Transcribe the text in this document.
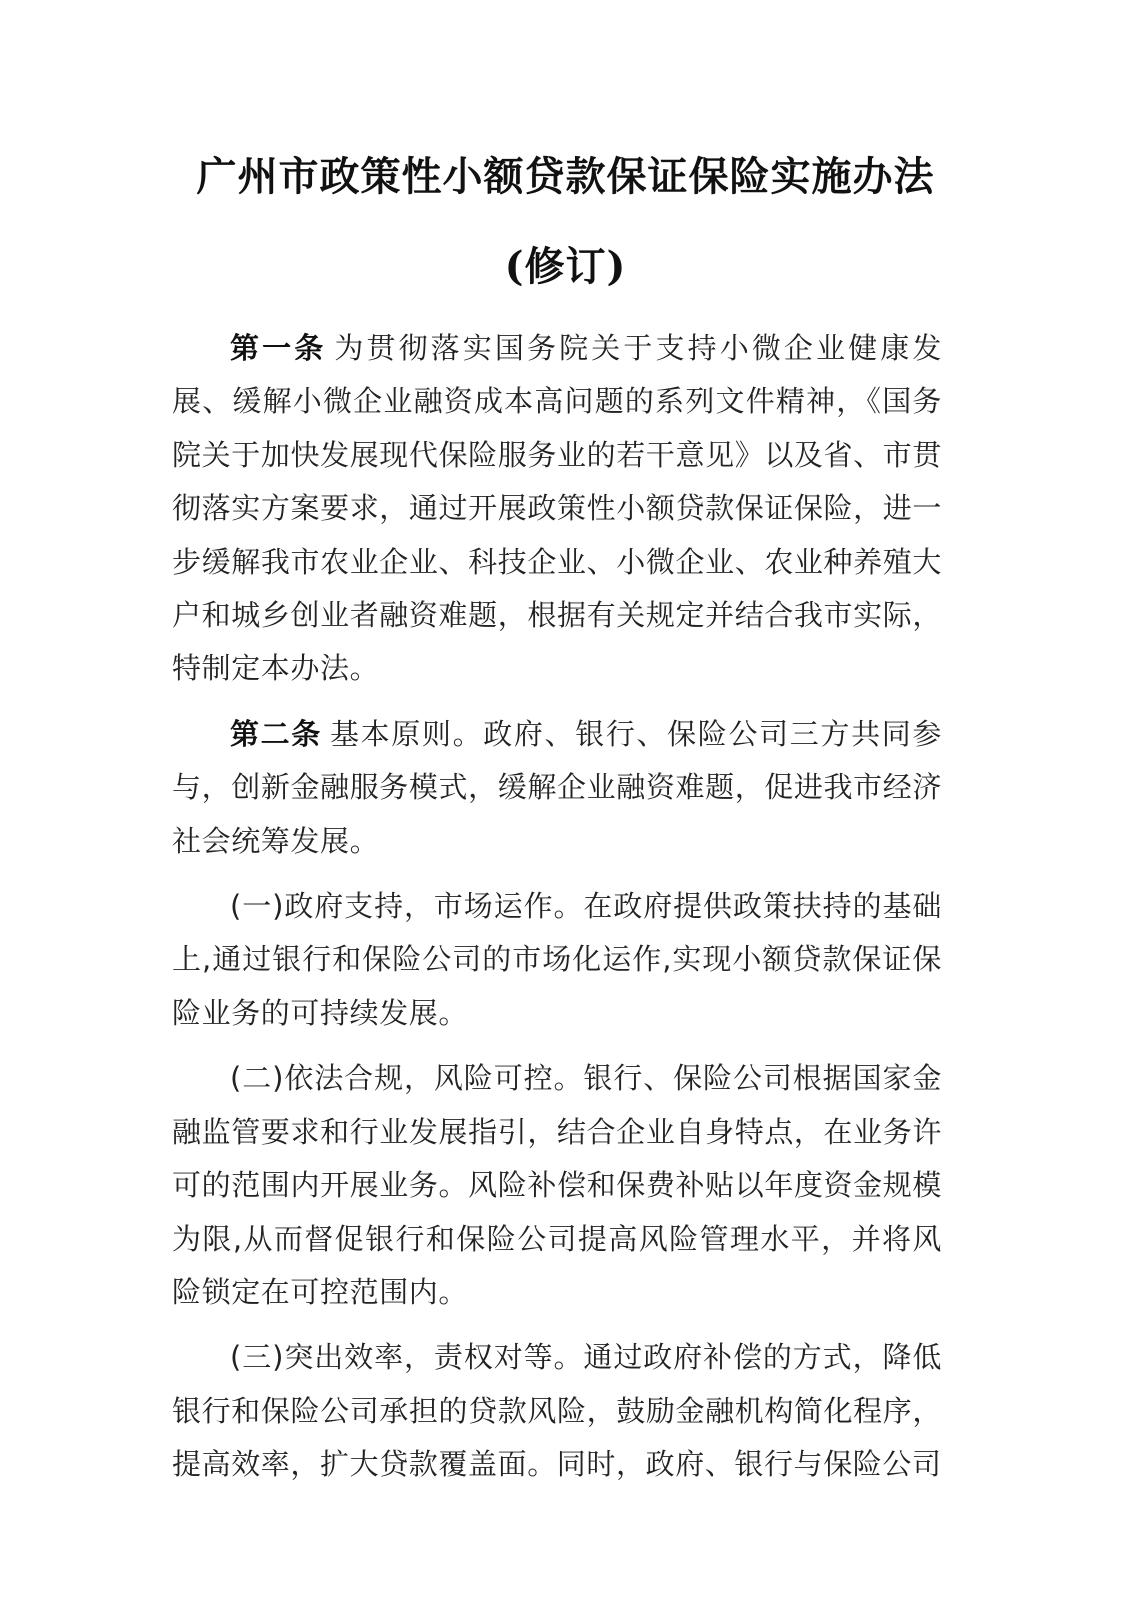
广州市政策性小额贷款保证保险实施办法
(修订)

第一条 为贯彻落实国务院关于支持小微企业健康发展、缓解小微企业融资成本高问题的系列文件精神，《国务院关于加快发展现代保险服务业的若干意见》以及省、市贯彻落实方案要求，通过开展政策性小额贷款保证保险，进一步缓解我市农业企业、科技企业、小微企业、农业种养殖大户和城乡创业者融资难题，根据有关规定并结合我市实际，特制定本办法。

第二条 基本原则。政府、银行、保险公司三方共同参与，创新金融服务模式，缓解企业融资难题，促进我市经济社会统筹发展。

(一)政府支持，市场运作。在政府提供政策扶持的基础上,通过银行和保险公司的市场化运作,实现小额贷款保证保险业务的可持续发展。

(二)依法合规，风险可控。银行、保险公司根据国家金融监管要求和行业发展指引，结合企业自身特点，在业务许可的范围内开展业务。风险补偿和保费补贴以年度资金规模为限,从而督促银行和保险公司提高风险管理水平，并将风险锁定在可控范围内。

(三)突出效率，责权对等。通过政府补偿的方式，降低银行和保险公司承担的贷款风险，鼓励金融机构简化程序，提高效率，扩大贷款覆盖面。同时，政府、银行与保险公司
